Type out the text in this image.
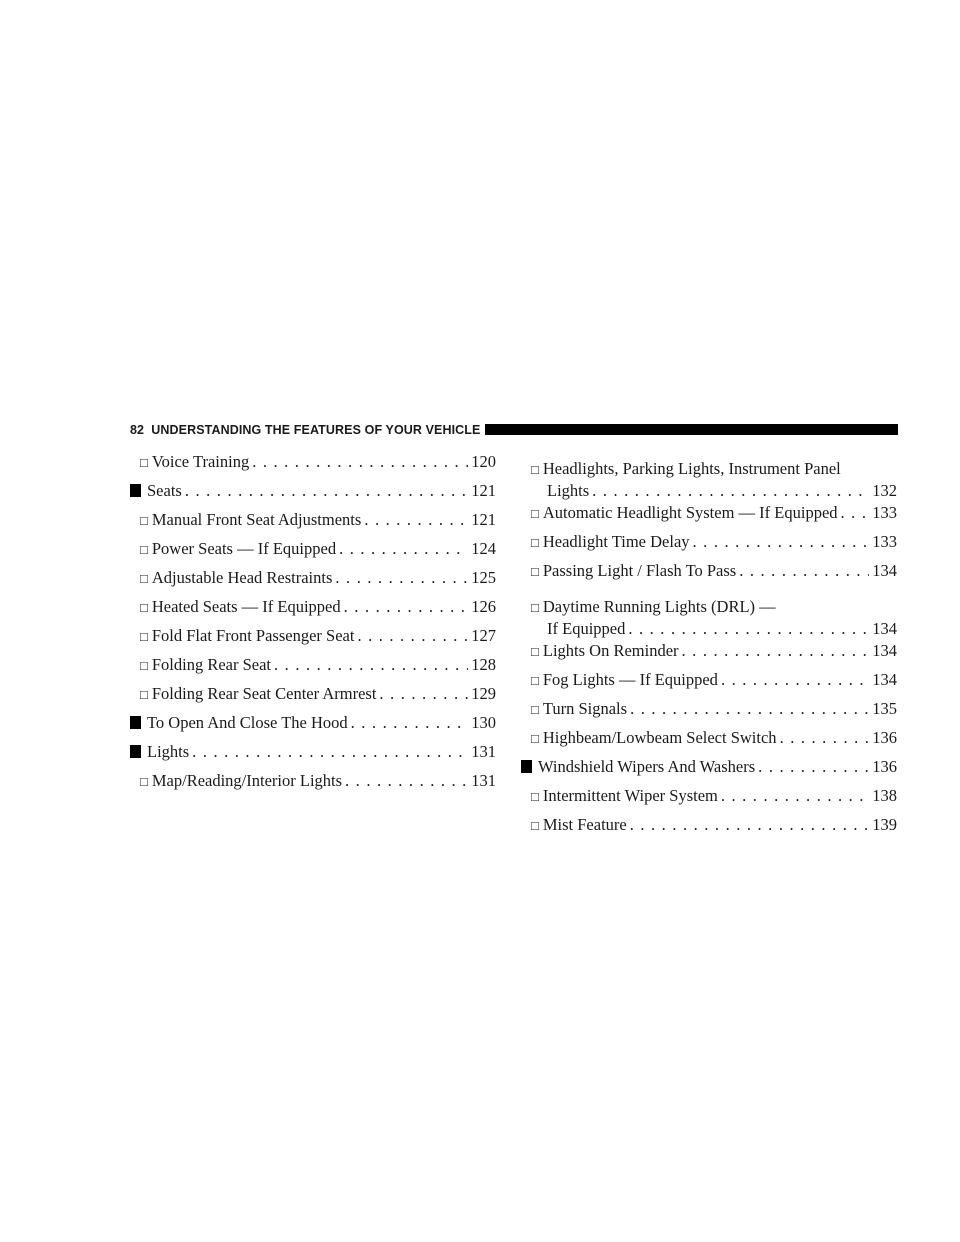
82 UNDERSTANDING THE FEATURES OF YOUR VEHICLE
□ Voice Training . . .	120
Seats . . .	121
□ Manual Front Seat Adjustments . . .	121
□ Power Seats — If Equipped . . .	124
□ Adjustable Head Restraints . . .	125
□ Heated Seats — If Equipped . . .	126
□ Fold Flat Front Passenger Seat . . .	127
□ Folding Rear Seat . . .	128
□ Folding Rear Seat Center Armrest . . .	129
To Open And Close The Hood . . .	130
Lights . . .	131
□ Map/Reading/Interior Lights . . .	131
□ Headlights, Parking Lights, Instrument Panel
Lights . . .	132
□ Automatic Headlight System — If Equipped . . . 133
□ Headlight Time Delay . . .	133
□ Passing Light / Flash To Pass . . .	134
□ Daytime Running Lights (DRL) —
If Equipped . . .	134
□ Lights On Reminder . . .	134
□ Fog Lights — If Equipped . . .	134
□ Turn Signals . . .	135
□ Highbeam/Lowbeam Select Switch . . .	136
Windshield Wipers And Washers . . .	136
□ Intermittent Wiper System . . .	138
□ Mist Feature . . .	139
